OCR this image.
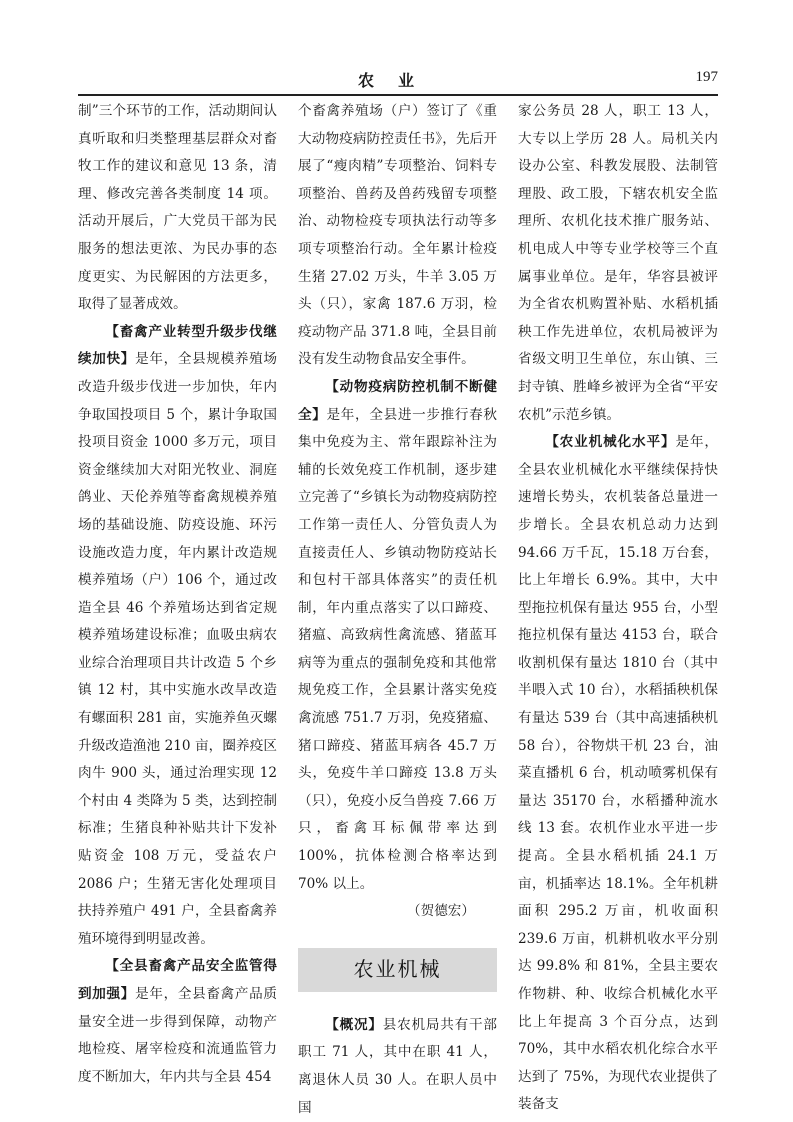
农业	197

制”三个环节的工作，活动期间认真听取和归类整理基层群众对畜牧工作的建议和意见 13 条，清理、修改完善各类制度 14 项。活动开展后，广大党员干部为民服务的想法更浓、为民办事的态度更实、为民解困的方法更多，取得了显著成效。

【畜禽产业转型升级步伐继续加快】是年，全县规模养殖场改造升级步伐进一步加快，年内争取国投项目 5 个，累计争取国投项目资金 1000 多万元，项目资金继续加大对阳光牧业、洞庭鸽业、天伦养殖等畜禽规模养殖场的基础设施、防疫设施、环污设施改造力度，年内累计改造规模养殖场（户）106 个，通过改造全县 46 个养殖场达到省定规模养殖场建设标准；血吸虫病农业综合治理项目共计改造 5 个乡镇 12 村，其中实施水改旱改造有螺面积 281 亩，实施养鱼灭螺升级改造渔池 210 亩，圈养疫区肉牛 900 头，通过治理实现 12 个村由 4 类降为 5 类，达到控制标准；生猪良种补贴共计下发补贴资金 108 万元，受益农户 2086 户；生猪无害化处理项目扶持养殖户 491 户，全县畜禽养殖环境得到明显改善。

【全县畜禽产品安全监管得到加强】是年，全县畜禽产品质量安全进一步得到保障，动物产地检疫、屠宰检疫和流通监管力度不断加大，年内共与全县 454

个畜禽养殖场（户）签订了《重大动物疫病防控责任书》，先后开展了“瘦肉精”专项整治、饲料专项整治、兽药及兽药残留专项整治、动物检疫专项执法行动等多项专项整治行动。全年累计检疫生猪 27.02 万头，牛羊 3.05 万头（只），家禽 187.6 万羽，检疫动物产品 371.8 吨，全县目前没有发生动物食品安全事件。

【动物疫病防控机制不断健全】是年，全县进一步推行春秋集中免疫为主、常年跟踪补注为辅的长效免疫工作机制，逐步建立完善了“乡镇长为动物疫病防控工作第一责任人、分管负责人为直接责任人、乡镇动物防疫站长和包村干部具体落实”的责任机制，年内重点落实了以口蹄疫、猪瘟、高致病性禽流感、猪蓝耳病等为重点的强制免疫和其他常规免疫工作，全县累计落实免疫禽流感 751.7 万羽，免疫猪瘟、猪口蹄疫、猪蓝耳病各 45.7 万头，免疫牛羊口蹄疫 13.8 万头（只），免疫小反刍兽疫 7.66 万只，畜禽耳标佩带率达到 100%，抗体检测合格率达到 70% 以上。

（贺德宏）

农业机械

【概况】县农机局共有干部职工 71 人，其中在职 41 人，离退休人员 30 人。在职人员中国

家公务员 28 人，职工 13 人，大专以上学历 28 人。局机关内设办公室、科教发展股、法制管理股、政工股，下辖农机安全监理所、农机化技术推广服务站、机电成人中等专业学校等三个直属事业单位。是年，华容县被评为全省农机购置补贴、水稻机插秧工作先进单位，农机局被评为省级文明卫生单位，东山镇、三封寺镇、胜峰乡被评为全省“平安农机”示范乡镇。

【农业机械化水平】是年，全县农业机械化水平继续保持快速增长势头，农机装备总量进一步增长。全县农机总动力达到 94.66 万千瓦，15.18 万台套，比上年增长 6.9%。其中，大中型拖拉机保有量达 955 台，小型拖拉机保有量达 4153 台，联合收割机保有量达 1810 台（其中半喂入式 10 台），水稻插秧机保有量达 539 台（其中高速插秧机 58 台），谷物烘干机 23 台，油菜直播机 6 台，机动喷雾机保有量达 35170 台，水稻播种流水线 13 套。农机作业水平进一步提高。全县水稻机插 24.1 万亩，机插率达 18.1%。全年机耕面积 295.2 万亩，机收面积 239.6 万亩，机耕机收水平分别达 99.8% 和 81%，全县主要农作物耕、种、收综合机械化水平比上年提高 3 个百分点，达到 70%，其中水稻农机化综合水平达到了 75%，为现代农业提供了装备支
